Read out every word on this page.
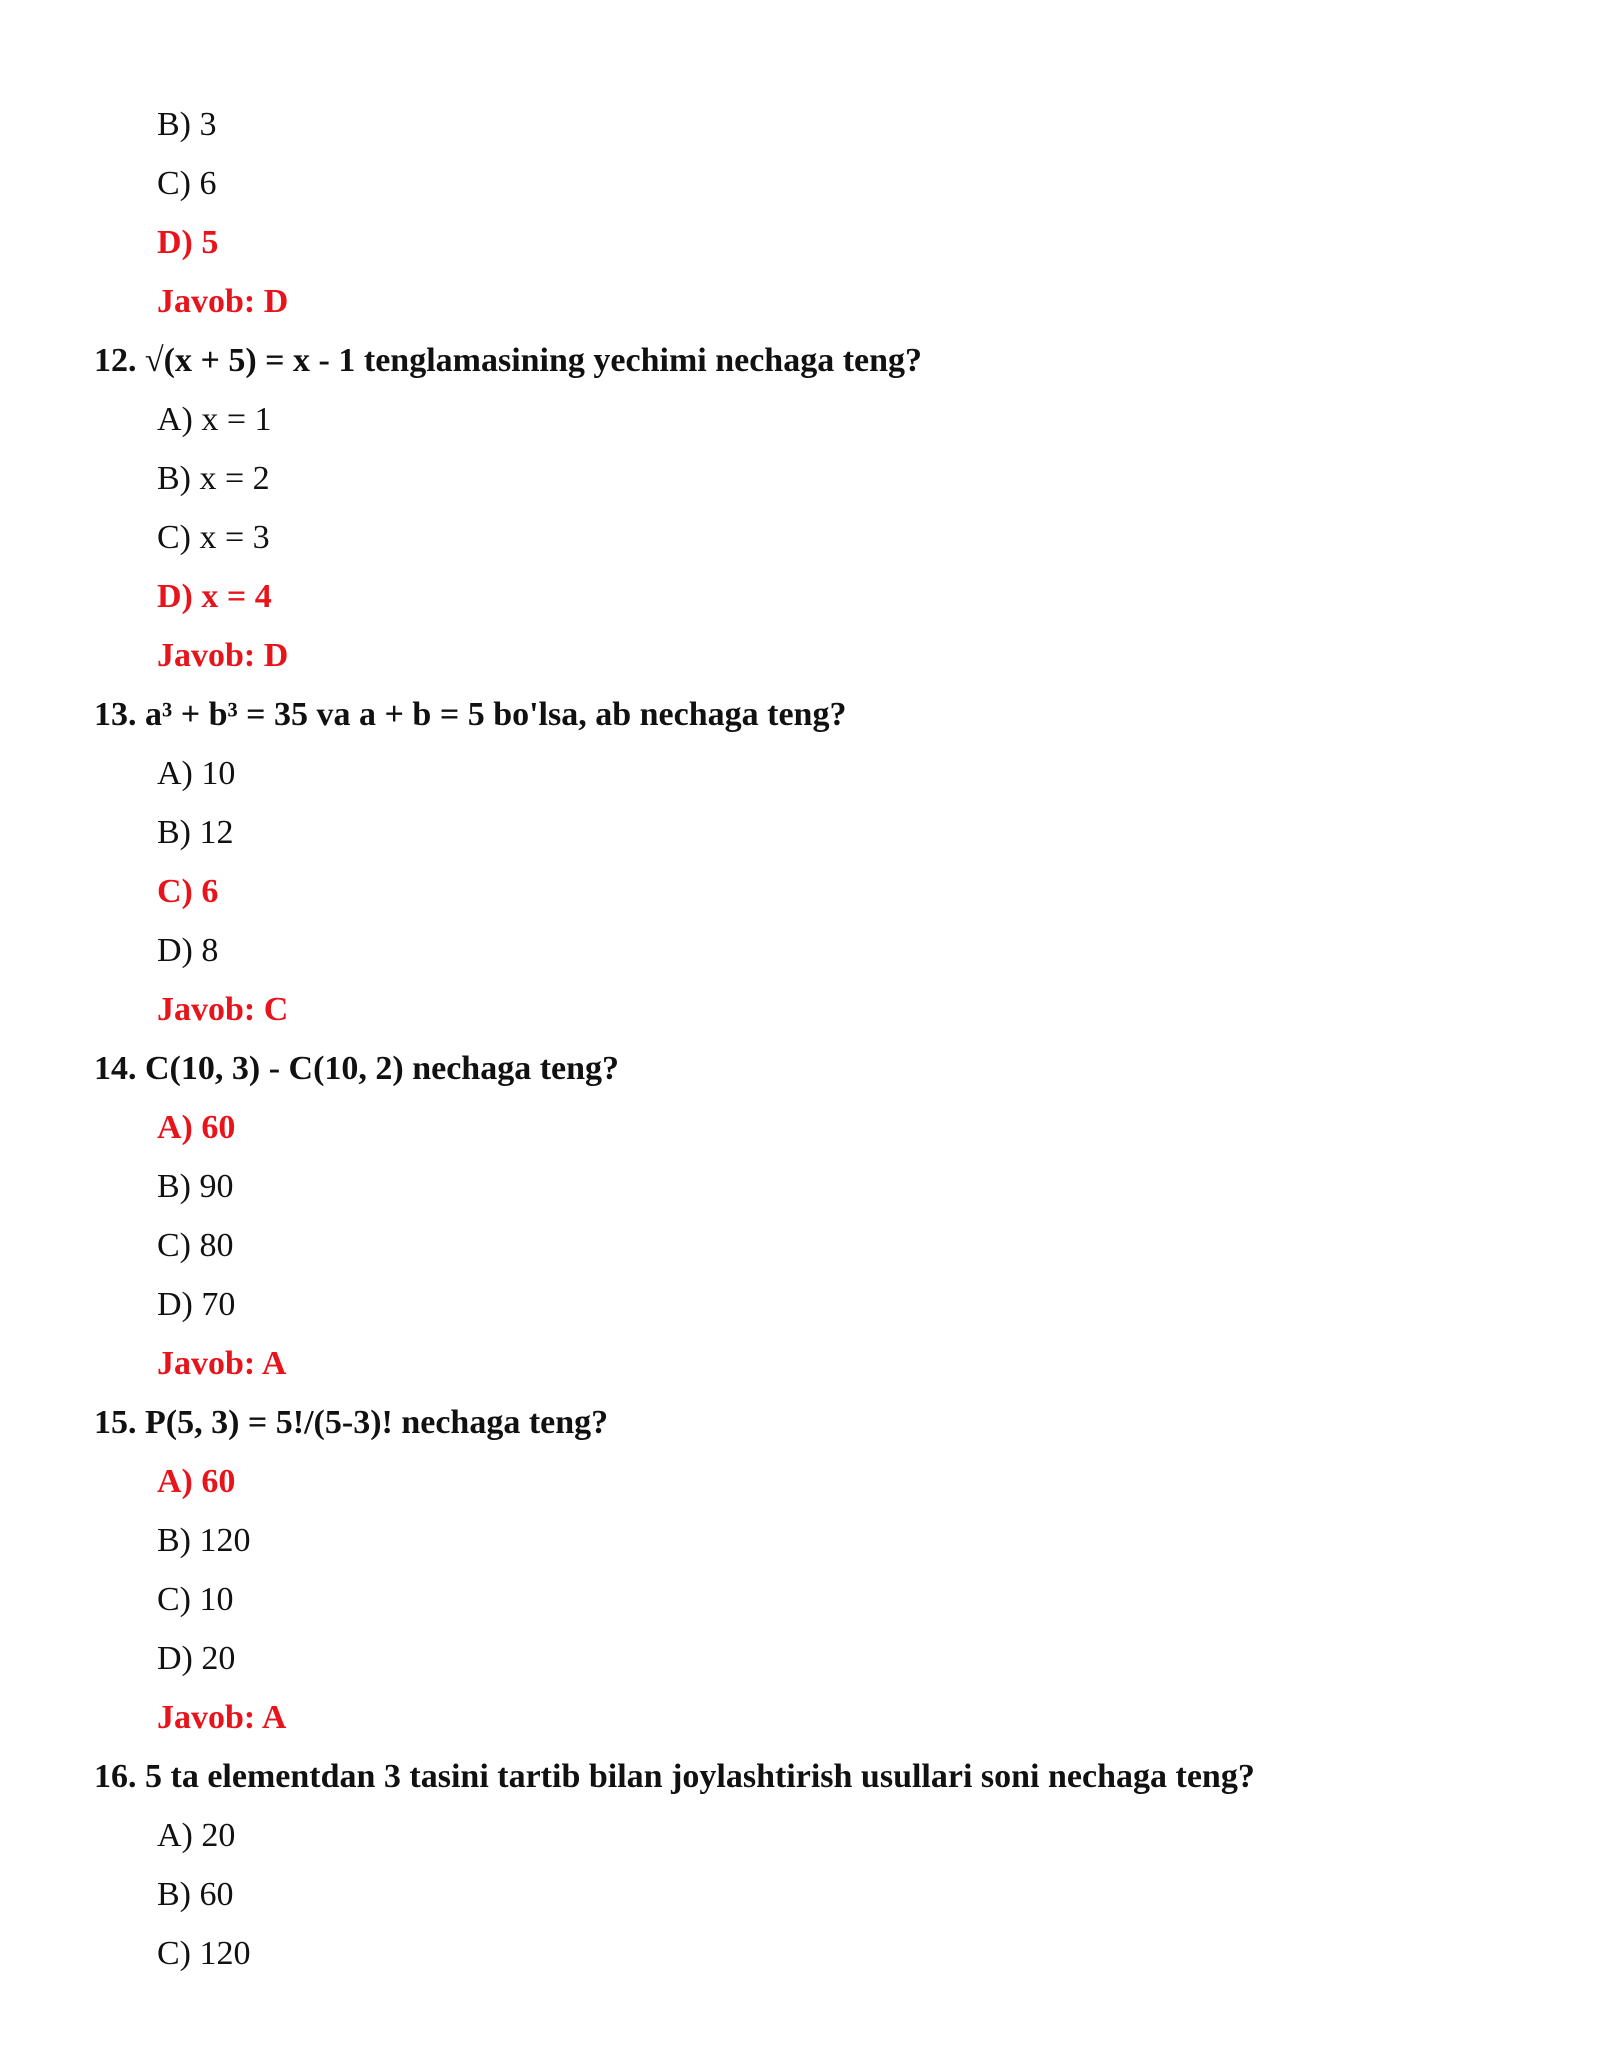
B) 3
C) 6
D) 5
Javob: D
12. √(x + 5) = x - 1 tenglamasining yechimi nechaga teng?
A) x = 1
B) x = 2
C) x = 3
D) x = 4
Javob: D
13. a³ + b³ = 35 va a + b = 5 bo'lsa, ab nechaga teng?
A) 10
B) 12
C) 6
D) 8
Javob: C
14. C(10, 3) - C(10, 2) nechaga teng?
A) 60
B) 90
C) 80
D) 70
Javob: A
15. P(5, 3) = 5!/(5-3)! nechaga teng?
A) 60
B) 120
C) 10
D) 20
Javob: A
16. 5 ta elementdan 3 tasini tartib bilan joylashtirish usullari soni nechaga teng?
A) 20
B) 60
C) 120
